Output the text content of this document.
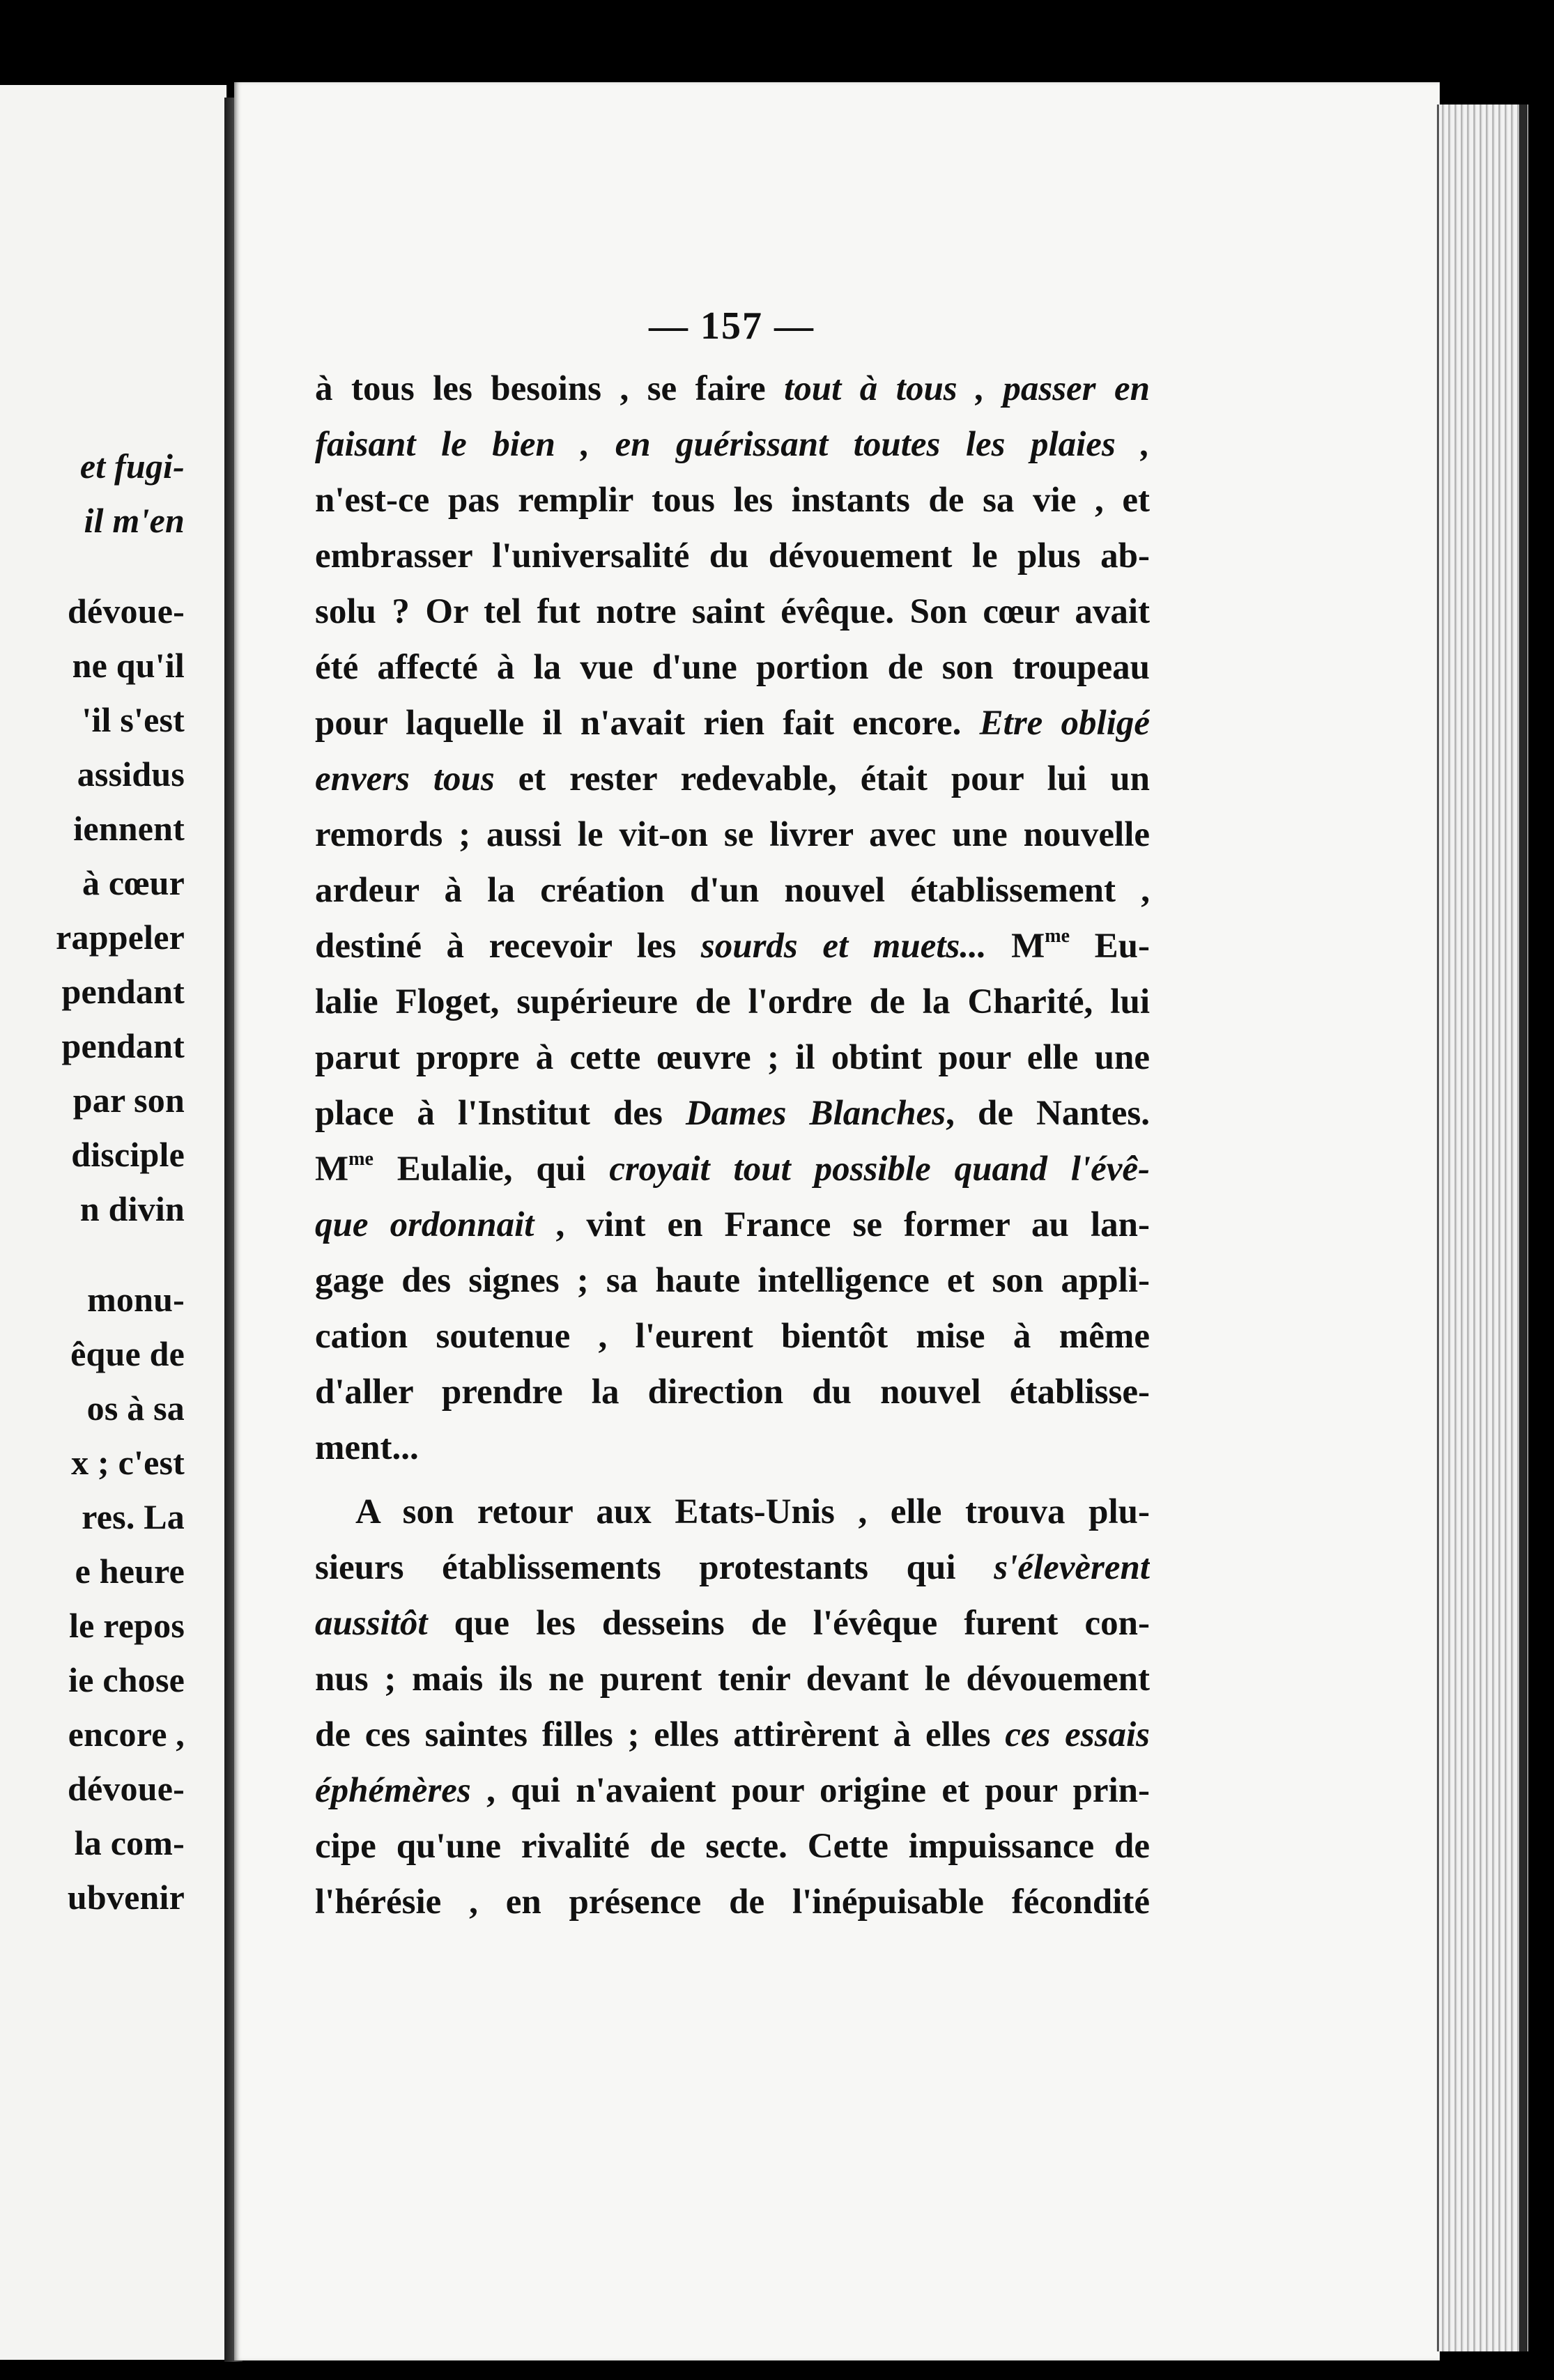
et fugi-
il m'en
dévoue-
ne qu'il
'il s'est
assidus
iennent
à cœur
rappeler
pendant
pendant
par son
disciple
n divin
monu-
êque de
os à sa
x ; c'est
res. La
e heure
le repos
ie chose
encore ,
dévoue-
la com-
ubvenir
— 157 —
à tous les besoins , se faire tout à tous , passer en
faisant le bien , en guérissant toutes les plaies ,
n'est-ce pas remplir tous les instants de sa vie , et
embrasser l'universalité du dévouement le plus ab-
solu ? Or tel fut notre saint évêque. Son cœur avait
été affecté à la vue d'une portion de son troupeau
pour laquelle il n'avait rien fait encore. Etre obligé
envers tous et rester redevable, était pour lui un
remords ; aussi le vit-on se livrer avec une nouvelle
ardeur à la création d'un nouvel établissement ,
destiné à recevoir les sourds et muets... $M^{me}$ Eu-
lalie Floget, supérieure de l'ordre de la Charité, lui
parut propre à cette œuvre ; il obtint pour elle une
place à l'Institut des Dames Blanches, de Nantes.
$M^{me}$ Eulalie, qui croyait tout possible quand l'évê-
que ordonnait , vint en France se former au lan-
gage des signes ; sa haute intelligence et son appli-
cation soutenue , l'eurent bientôt mise à même
d'aller prendre la direction du nouvel établisse-
ment...
A son retour aux Etats-Unis , elle trouva plu-
sieurs établissements protestants qui s'élevèrent
aussitôt que les desseins de l'évêque furent con-
nus ; mais ils ne purent tenir devant le dévouement
de ces saintes filles ; elles attirèrent à elles ces essais
éphémères , qui n'avaient pour origine et pour prin-
cipe qu'une rivalité de secte. Cette impuissance de
l'hérésie , en présence de l'inépuisable fécondité
